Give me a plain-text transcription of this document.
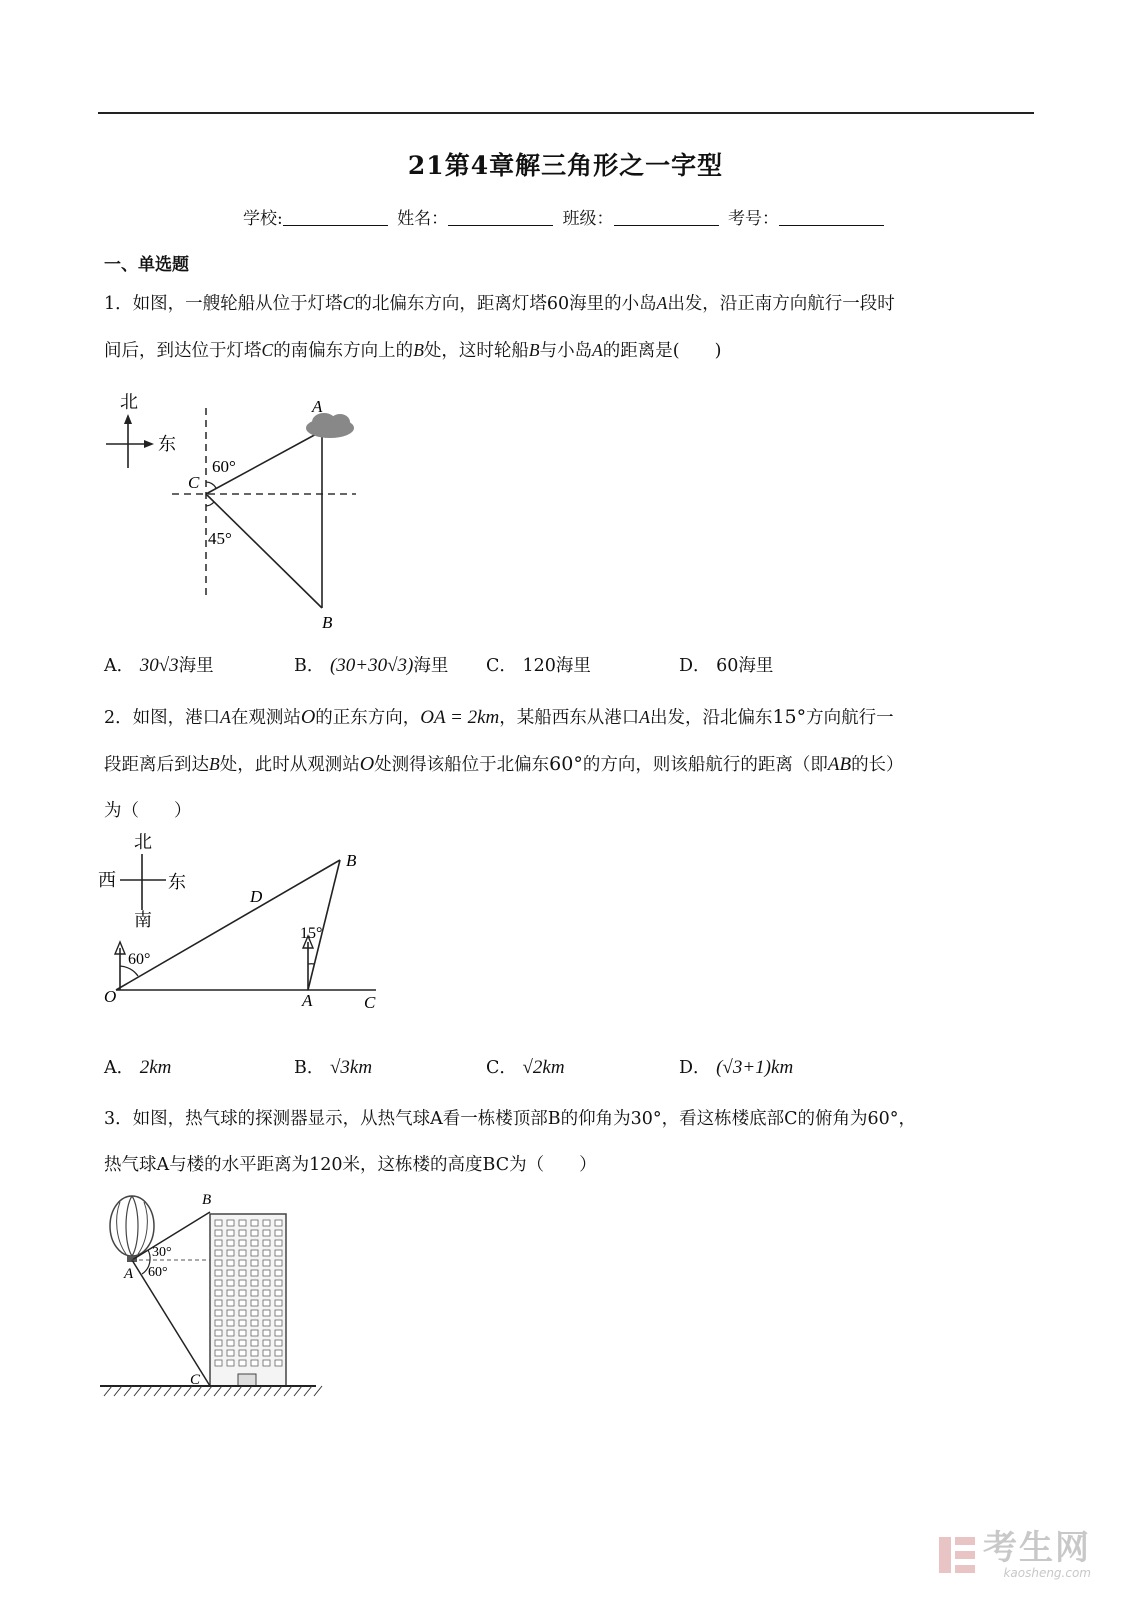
21第4章解三角形之一字型
学校:	姓名：	班级：	考号：
一、单选题
1．如图，一艘轮船从位于灯塔C的北偏东方向，距离灯塔60海里的小岛A出发，沿正南方向航行一段时
间后，到达位于灯塔C的南偏东方向上的B处，这时轮船B与小岛A的距离是(　　)
北
东
60°
45°
A
C
B
A． 30√3海里	B． (30+30√3)海里 C． 120海里	D． 60海里
2．如图，港口A在观测站O的正东方向，OA = 2km，某船西东从港口A出发，沿北偏东15°方向航行一
段距离后到达B处，此时从观测站O处测得该船位于北偏东60°的方向，则该船航行的距离（即AB的长）
为（　　）
北
西	东
南
60°
15°
O	A	C
B
D
A． 2km	B． √3km	C． √2km	D． (√3+1)km
3．如图，热气球的探测器显示，从热气球A看一栋楼顶部B的仰角为30°，看这栋楼底部C的俯角为60°，
热气球A与楼的水平距离为120米，这栋楼的高度BC为（　　）
30°
60°
A
B
C
考生网
kaosheng.com
